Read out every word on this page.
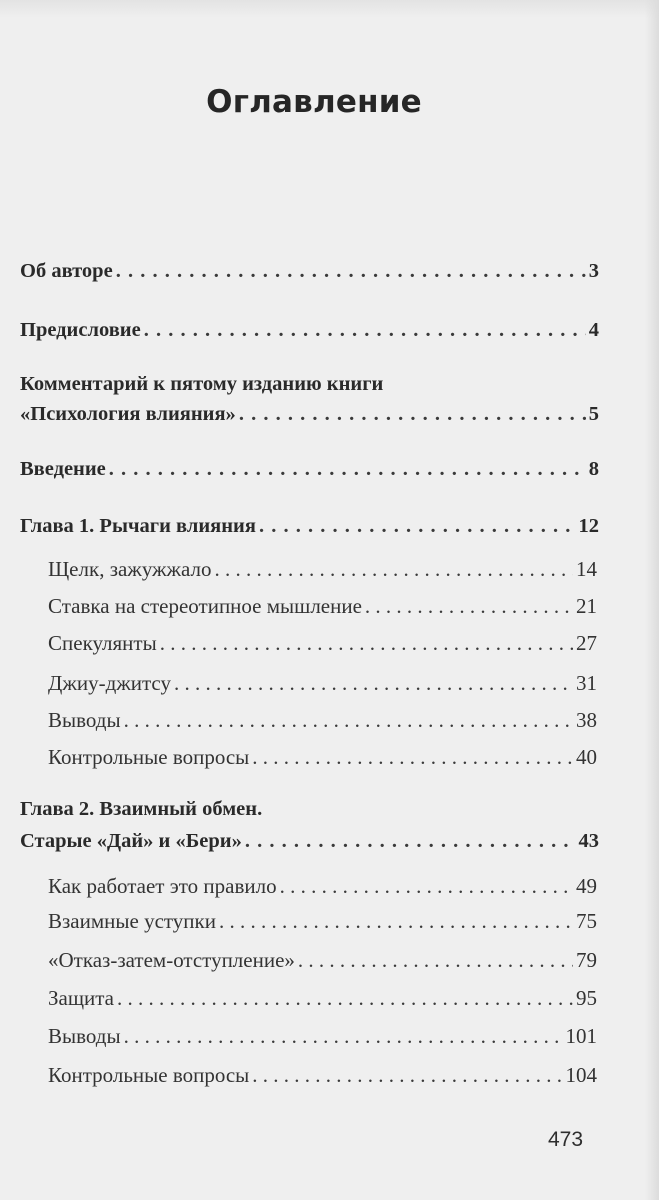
Оглавление
Об авторе . . .	3
Предисловие . . .	4
Комментарий к пятому изданию книги
«Психология влияния» . . .	5
Введение . . .	8
Глава 1. Рычаги влияния . . .	12
Щелк, зажужжало . . .	14
Ставка на стереотипное мышление . . .	21
Спекулянты . . .	27
Джиу-джитсу . . .	31
Выводы . . .	38
Контрольные вопросы . . .	40
Глава 2. Взаимный обмен.
Старые «Дай» и «Бери» . . .	43
Как работает это правило . . .	49
Взаимные уступки . . .	75
«Отказ-затем-отступление» . . .	79
Защита . . .	95
Выводы . . .	101
Контрольные вопросы . . .	104
473
